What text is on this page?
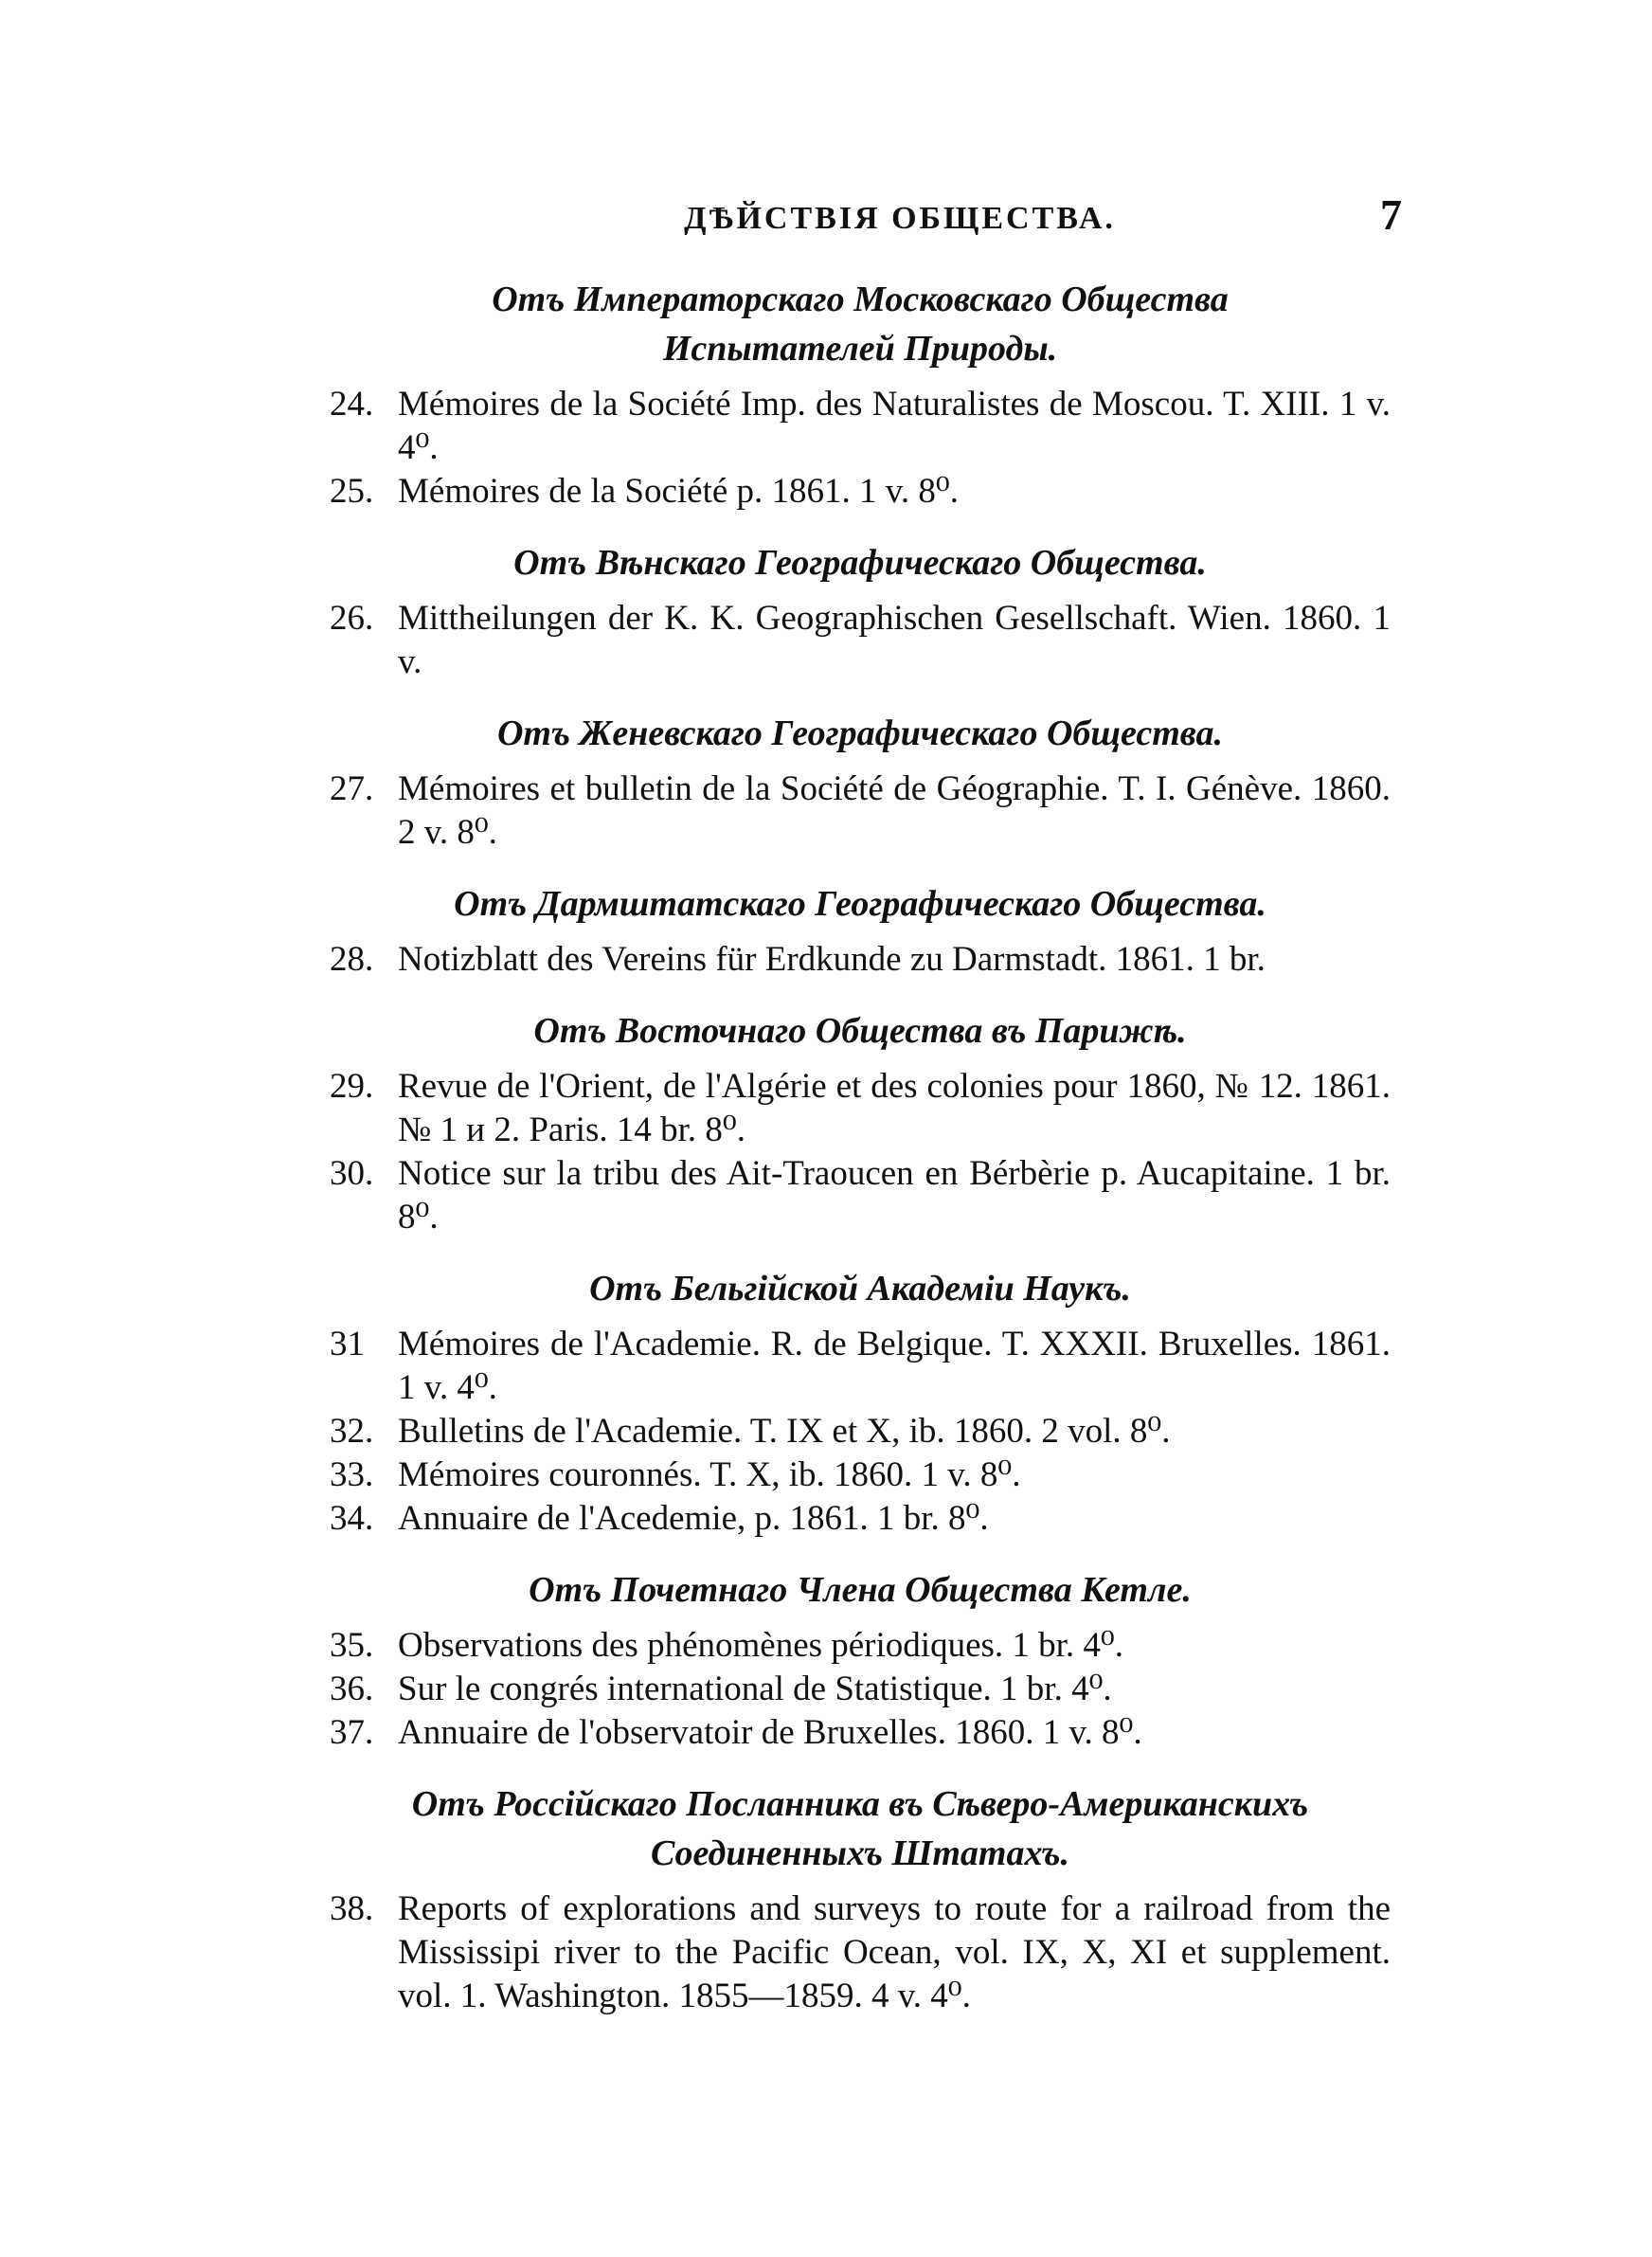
ДѢЙСТВІЯ ОБЩЕСТВА.	7
Отъ Императорскаго Московскаго Общества
Испытателей Природы.
24. Mémoires de la Société Imp. des Naturalistes de Moscou. T. XIII. 1 v. 4⁰.
25. Mémoires de la Société p. 1861. 1 v. 8⁰.
Отъ Вѣнскаго Географическаго Общества.
26. Mittheilungen der K. K. Geographischen Gesellschaft. Wien. 1860. 1 v.
Отъ Женевскаго Географическаго Общества.
27. Mémoires et bulletin de la Société de Géographie. T. I. Génève. 1860. 2 v. 8⁰.
Отъ Дармштатскаго Географическаго Общества.
28. Notizblatt des Vereins für Erdkunde zu Darmstadt. 1861. 1 br.
Отъ Восточнаго Общества въ Парижѣ.
29. Revue de l'Orient, de l'Algérie et des colonies pour 1860, № 12. 1861. № 1 и 2. Paris. 14 br. 8⁰.
30. Notice sur la tribu des Ait-Traoucen en Bérbèrie p. Aucapitaine. 1 br. 8⁰.
Отъ Бельгійской Академіи Наукъ.
31 Mémoires de l'Academie. R. de Belgique. T. XXXII. Bruxelles. 1861. 1 v. 4⁰.
32. Bulletins de l'Academie. T. IX et X, ib. 1860. 2 vol. 8⁰.
33. Mémoires couronnés. T. X, ib. 1860. 1 v. 8⁰.
34. Annuaire de l'Acedemie, p. 1861. 1 br. 8⁰.
Отъ Почетнаго Члена Общества Кетле.
35. Observations des phénomènes périodiques. 1 br. 4⁰.
36. Sur le congrés international de Statistique. 1 br. 4⁰.
37. Annuaire de l'observatoir de Bruxelles. 1860. 1 v. 8⁰.
Отъ Россійскаго Посланника въ Сѣверо-Американскихъ
Соединенныхъ Штатахъ.
38. Reports of explorations and surveys to route for a railroad from the Mississipi river to the Pacific Ocean, vol. IX, X, XI et supplement. vol. 1. Washington. 1855—1859. 4 v. 4⁰.
